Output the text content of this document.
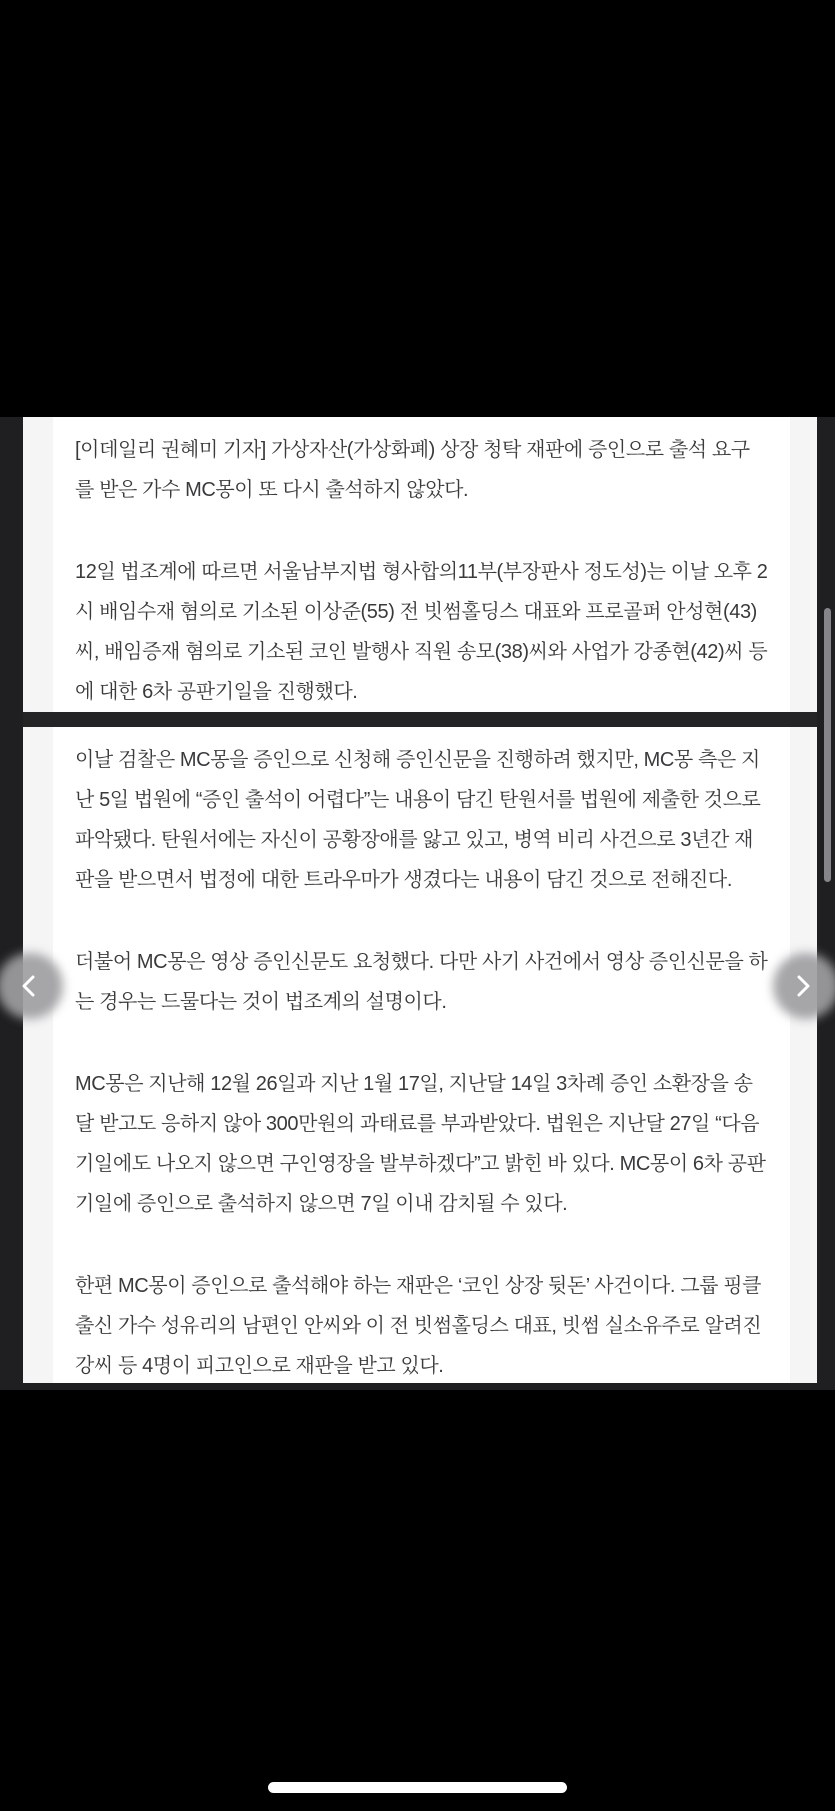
[이데일리 권혜미 기자] 가상자산(가상화폐) 상장 청탁 재판에 증인으로 출석 요구를 받은 가수 MC몽이 또 다시 출석하지 않았다.

12일 법조계에 따르면 서울남부지법 형사합의11부(부장판사 정도성)는 이날 오후 2시 배임수재 혐의로 기소된 이상준(55) 전 빗썸홀딩스 대표와 프로골퍼 안성현(43)씨, 배임증재 혐의로 기소된 코인 발행사 직원 송모(38)씨와 사업가 강종현(42)씨 등에 대한 6차 공판기일을 진행했다.

이날 검찰은 MC몽을 증인으로 신청해 증인신문을 진행하려 했지만, MC몽 측은 지난 5일 법원에 “증인 출석이 어렵다”는 내용이 담긴 탄원서를 법원에 제출한 것으로 파악됐다. 탄원서에는 자신이 공황장애를 앓고 있고, 병역 비리 사건으로 3년간 재판을 받으면서 법정에 대한 트라우마가 생겼다는 내용이 담긴 것으로 전해진다.

더불어 MC몽은 영상 증인신문도 요청했다. 다만 사기 사건에서 영상 증인신문을 하는 경우는 드물다는 것이 법조계의 설명이다.

MC몽은 지난해 12월 26일과 지난 1월 17일, 지난달 14일 3차례 증인 소환장을 송달 받고도 응하지 않아 300만원의 과태료를 부과받았다. 법원은 지난달 27일 “다음 기일에도 나오지 않으면 구인영장을 발부하겠다”고 밝힌 바 있다. MC몽이 6차 공판기일에 증인으로 출석하지 않으면 7일 이내 감치될 수 있다.

한편 MC몽이 증인으로 출석해야 하는 재판은 ‘코인 상장 뒷돈’ 사건이다. 그룹 핑클 출신 가수 성유리의 남편인 안씨와 이 전 빗썸홀딩스 대표, 빗썸 실소유주로 알려진 강씨 등 4명이 피고인으로 재판을 받고 있다.
